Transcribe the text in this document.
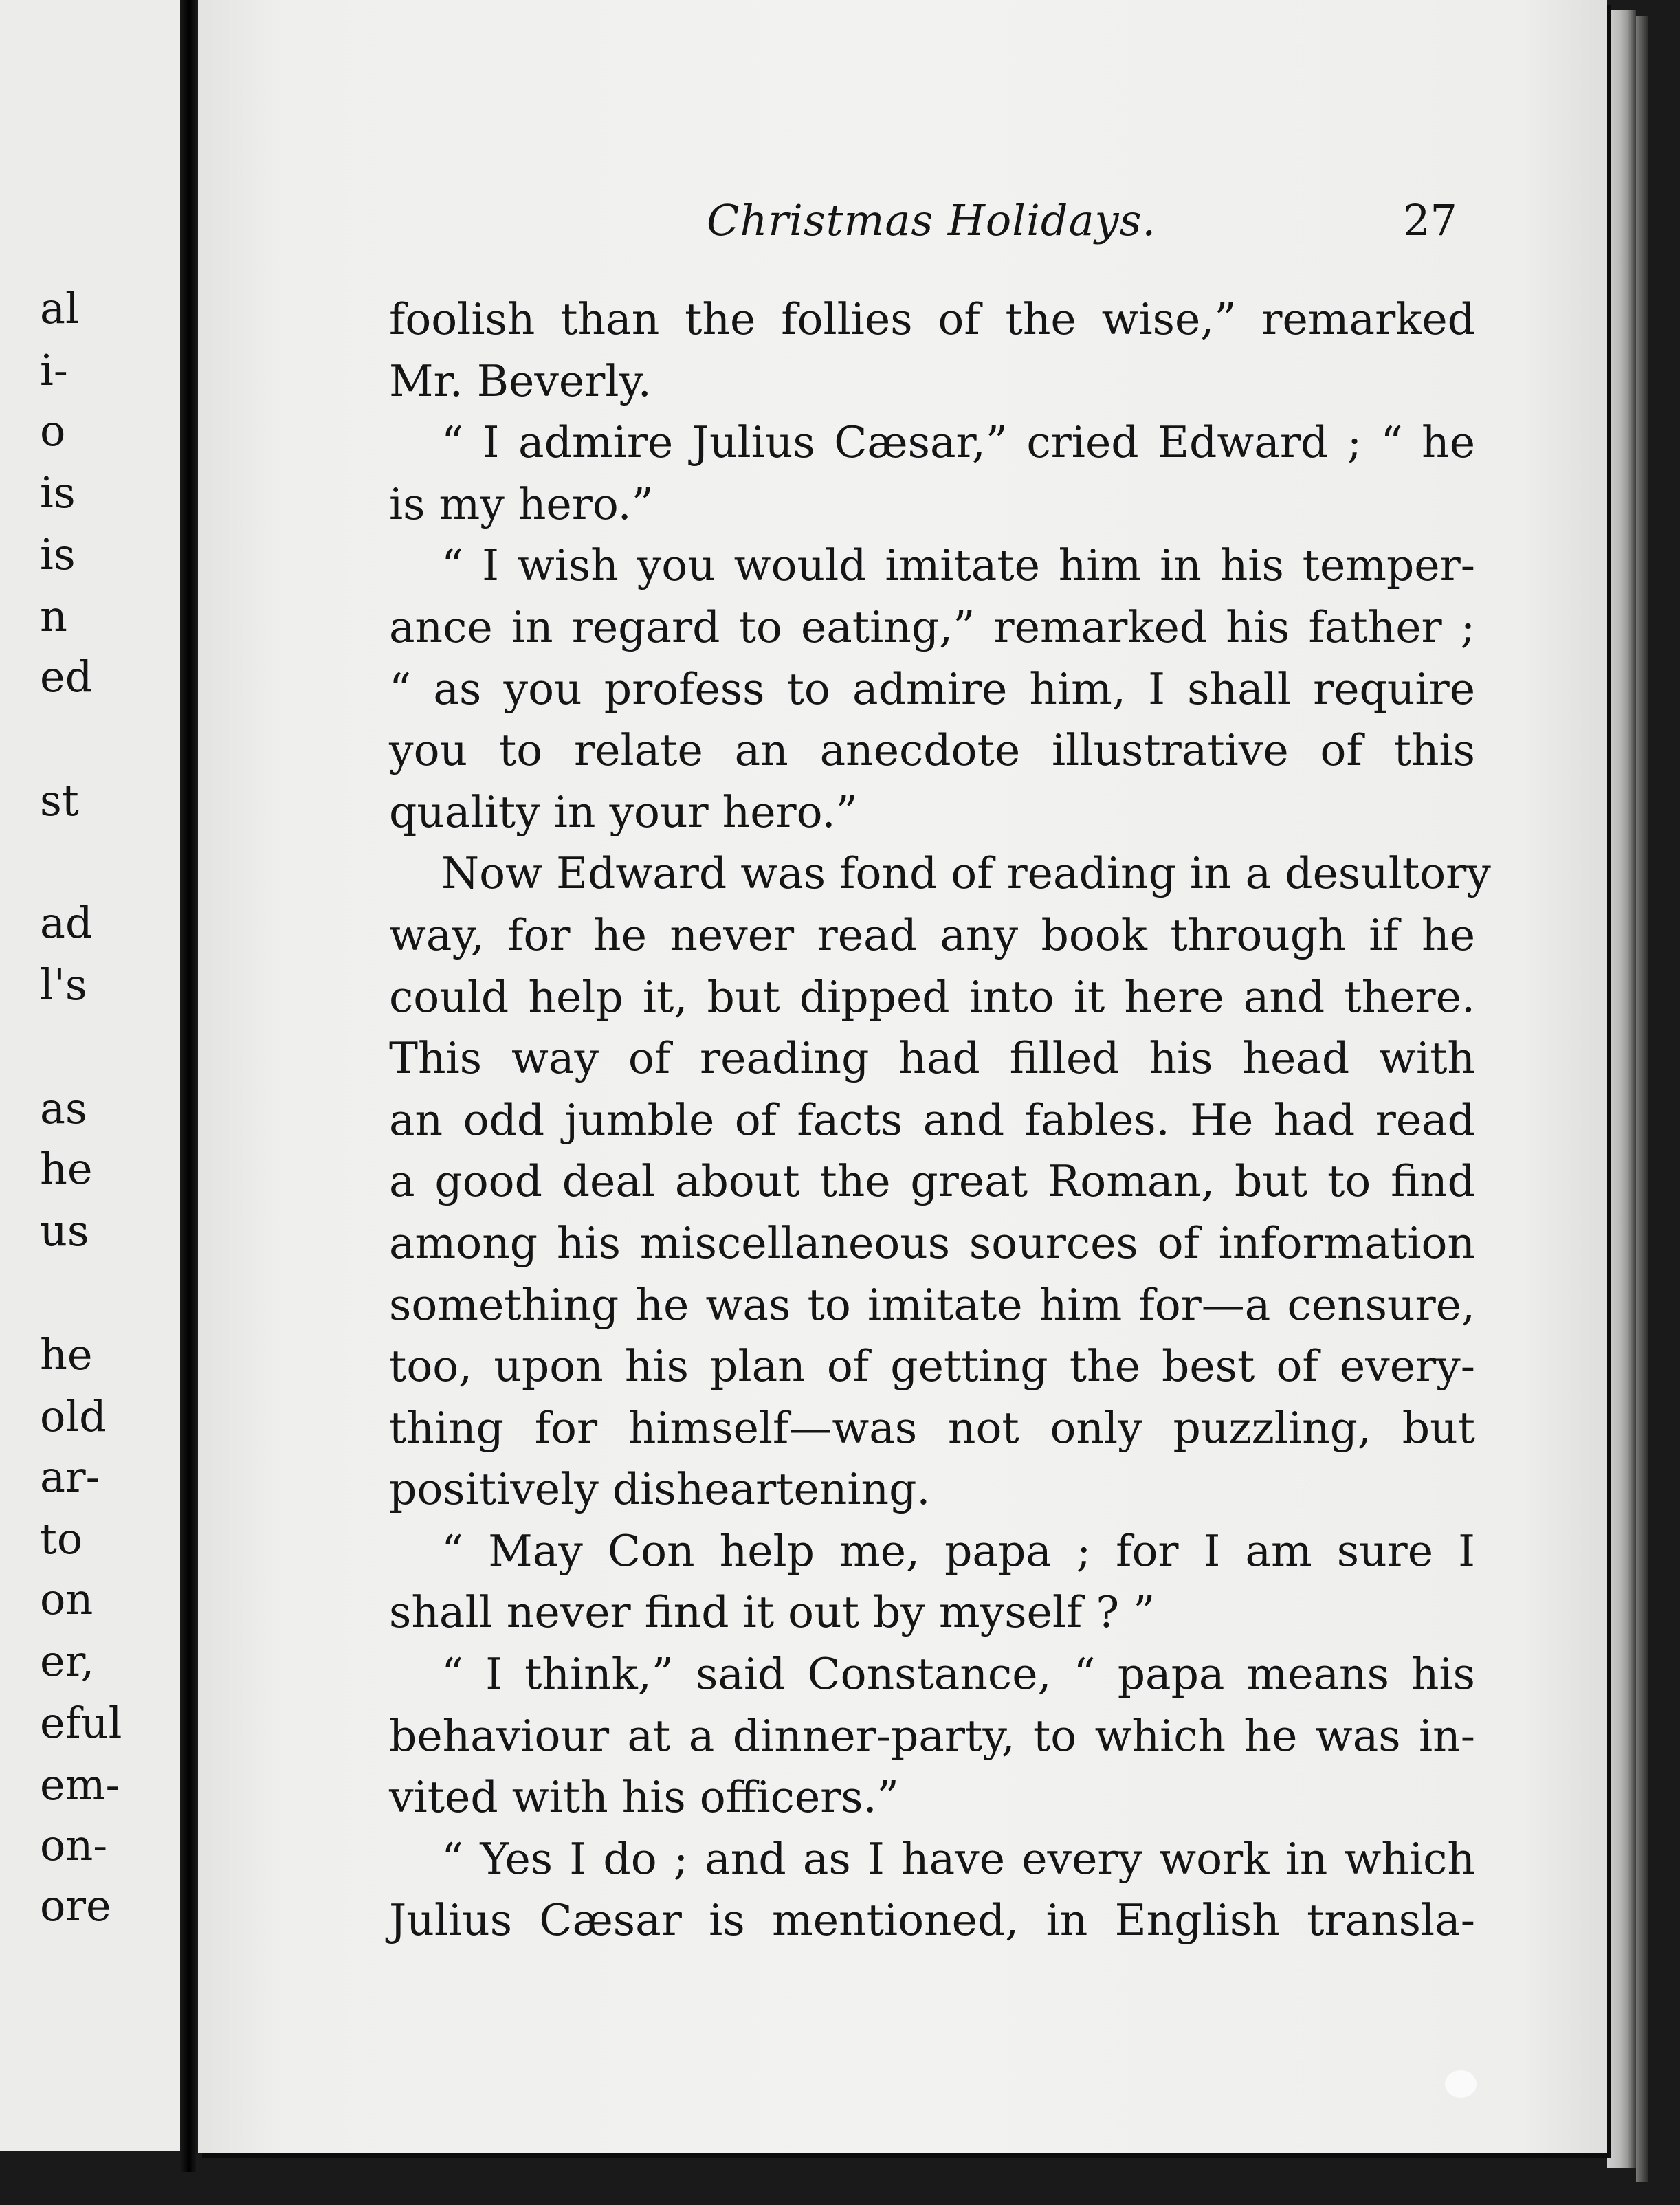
al
i-
o
is
is
n
ed
st
ad
l's
as
he
us
he
old
ar-
to
on
er,
eful
em-
on-
ore
Christmas Holidays.	27
foolish than the follies of the wise,” remarked
Mr. Beverly.
“ I admire Julius Cæsar,” cried Edward ; “ he
is my hero.”
“ I wish you would imitate him in his temper-
ance in regard to eating,” remarked his father ;
“ as you profess to admire him, I shall require
you to relate an anecdote illustrative of this
quality in your hero.”
Now Edward was fond of reading in a desultory
way, for he never read any book through if he
could help it, but dipped into it here and there.
This way of reading had filled his head with
an odd jumble of facts and fables. He had read
a good deal about the great Roman, but to find
among his miscellaneous sources of information
something he was to imitate him for—a censure,
too, upon his plan of getting the best of every-
thing for himself—was not only puzzling, but
positively disheartening.
“ May Con help me, papa ; for I am sure I
shall never find it out by myself ? ”
“ I think,” said Constance, “ papa means his
behaviour at a dinner-party, to which he was in-
vited with his officers.”
“ Yes I do ; and as I have every work in which
Julius Cæsar is mentioned, in English transla-
